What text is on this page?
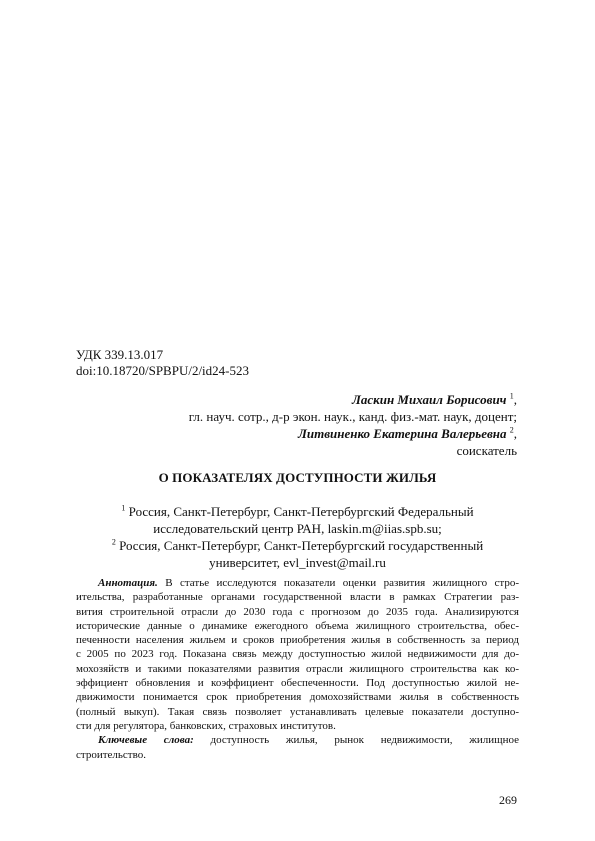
УДК 339.13.017
doi:10.18720/SPBPU/2/id24-523
Ласкин Михаил Борисович $^1$,
гл. науч. сотр., д-р экон. наук., канд. физ.-мат. наук, доцент;
Литвиненко Екатерина Валерьевна $^2$,
соискатель
О ПОКАЗАТЕЛЯХ ДОСТУПНОСТИ ЖИЛЬЯ
$^1$ Россия, Санкт-Петербург, Санкт-Петербургский Федеральный
исследовательский центр РАН, laskin.m@iias.spb.su;
$^2$ Россия, Санкт-Петербург, Санкт-Петербургский государственный
университет, evl_invest@mail.ru
Аннотация. В статье исследуются показатели оценки развития жилищного стро-
ительства, разработанные органами государственной власти в рамках Стратегии раз-
вития строительной отрасли до 2030 года с прогнозом до 2035 года. Анализируются
исторические данные о динамике ежегодного объема жилищного строительства, обес-
печенности населения жильем и сроков приобретения жилья в собственность за период
с 2005 по 2023 год. Показана связь между доступностью жилой недвижимости для до-
мохозяйств и такими показателями развития отрасли жилищного строительства как ко-
эффициент обновления и коэффициент обеспеченности. Под доступностью жилой не-
движимости понимается срок приобретения домохозяйствами жилья в собственность
(полный выкуп). Такая связь позволяет устанавливать целевые показатели доступно-
сти для регулятора, банковских, страховых институтов.
Ключевые слова: доступность жилья, рынок недвижимости, жилищное
строительство.
269
